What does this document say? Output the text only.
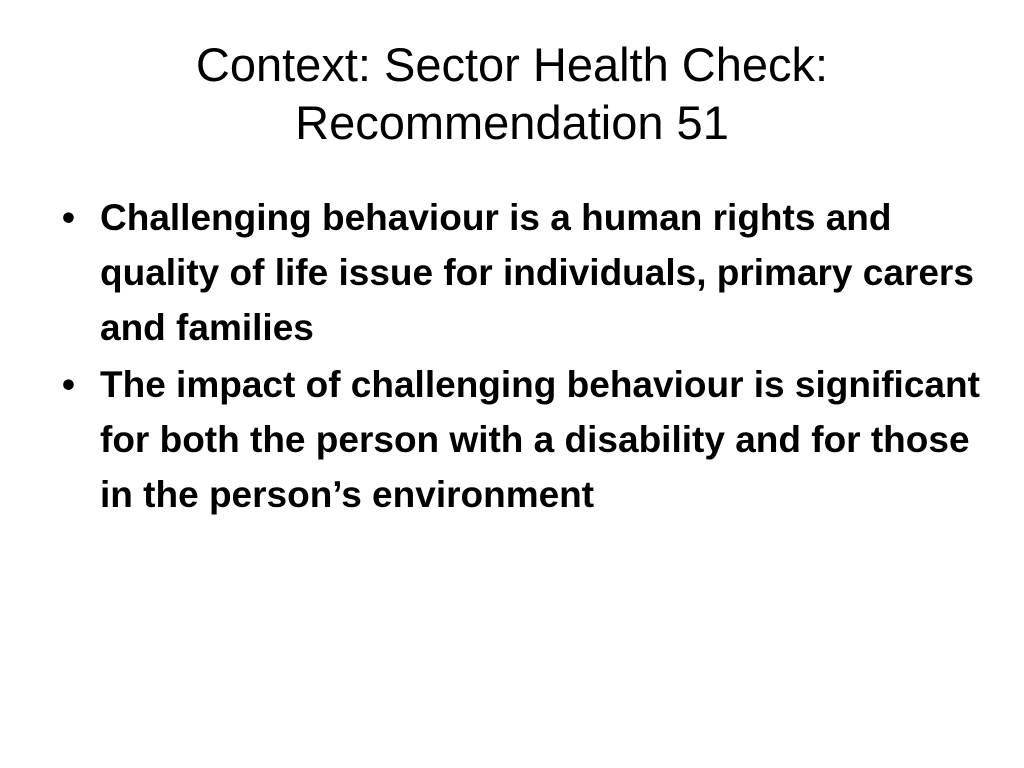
Context: Sector Health Check:
Recommendation 51
• Challenging behaviour is a human rights and quality of life issue for individuals, primary carers and families
• The impact of challenging behaviour is significant for both the person with a disability and for those in the person’s environment
